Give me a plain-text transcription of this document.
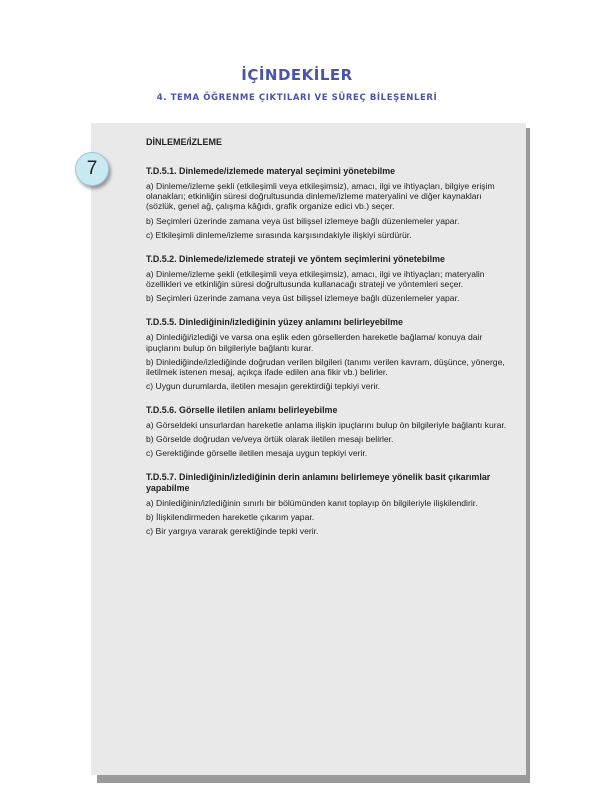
İÇİNDEKİLER
4. TEMA ÖĞRENME ÇIKTILARI VE SÜREÇ BİLEŞENLERİ
7
DİNLEME/İZLEME
T.D.5.1. Dinlemede/izlemede materyal seçimini yönetebilme
a) Dinleme/izleme şekli (etkileşimli veya etkileşimsiz), amacı, ilgi ve ihtiyaçları, bilgiye erişim olanakları; etkinliğin süresi doğrultusunda dinleme/izleme materyalini ve diğer kaynakları (sözlük, genel ağ, çalışma kâğıdı, grafik organize edici vb.) seçer.
b) Seçimleri üzerinde zamana veya üst bilişsel izlemeye bağlı düzenlemeler yapar.
c) Etkileşimli dinleme/izleme sırasında karşısındakiyle ilişkiyi sürdürür.
T.D.5.2. Dinlemede/izlemede strateji ve yöntem seçimlerini yönetebilme
a) Dinleme/izleme şekli (etkileşimli veya etkileşimsiz), amacı, ilgi ve ihtiyaçları; materyalin özellikleri ve etkinliğin süresi doğrultusunda kullanacağı strateji ve yöntemleri seçer.
b) Seçimleri üzerinde zamana veya üst bilişsel izlemeye bağlı düzenlemeler yapar.
T.D.5.5. Dinlediğinin/izlediğinin yüzey anlamını belirleyebilme
a) Dinlediği/izlediği ve varsa ona eşlik eden görsellerden hareketle bağlama/ konuya dair ipuçlarını bulup ön bilgileriyle bağlantı kurar.
b) Dinlediğinde/izlediğinde doğrudan verilen bilgileri (tanımı verilen kavram, düşünce, yönerge, iletilmek istenen mesaj, açıkça ifade edilen ana fikir vb.) belirler.
c) Uygun durumlarda, iletilen mesajın gerektirdiği tepkiyi verir.
T.D.5.6. Görselle iletilen anlamı belirleyebilme
a) Görseldeki unsurlardan hareketle anlama ilişkin ipuçlarını bulup ön bilgileriyle bağlantı kurar.
b) Görselde doğrudan ve/veya örtük olarak iletilen mesajı belirler.
c) Gerektiğinde görselle iletilen mesaja uygun tepkiyi verir.
T.D.5.7. Dinlediğinin/izlediğinin derin anlamını belirlemeye yönelik basit çıkarımlar yapabilme
a) Dinlediğinin/izlediğinin sınırlı bir bölümünden kanıt toplayıp ön bilgileriyle ilişkilendirir.
b) İlişkilendirmeden hareketle çıkarım yapar.
c) Bir yargıya vararak gerektiğinde tepki verir.
